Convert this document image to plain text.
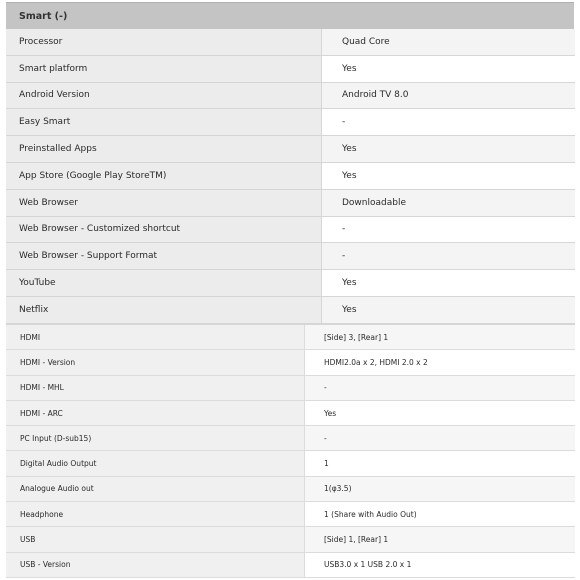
Smart (-)
Processor	Quad Core
Smart platform	Yes
Android Version	Android TV 8.0
Easy Smart	-
Preinstalled Apps	Yes
App Store (Google Play StoreTM)	Yes
Web Browser	Downloadable
Web Browser - Customized shortcut	-
Web Browser - Support Format	-
YouTube	Yes
Netflix	Yes
HDMI	[Side] 3, [Rear] 1
HDMI - Version	HDMI2.0a x 2, HDMI 2.0 x 2
HDMI - MHL	-
HDMI - ARC	Yes
PC Input (D-sub15)	-
Digital Audio Output	1
Analogue Audio out	1(φ3.5)
Headphone	1 (Share with Audio Out)
USB	[Side] 1, [Rear] 1
USB - Version	USB3.0 x 1 USB 2.0 x 1
